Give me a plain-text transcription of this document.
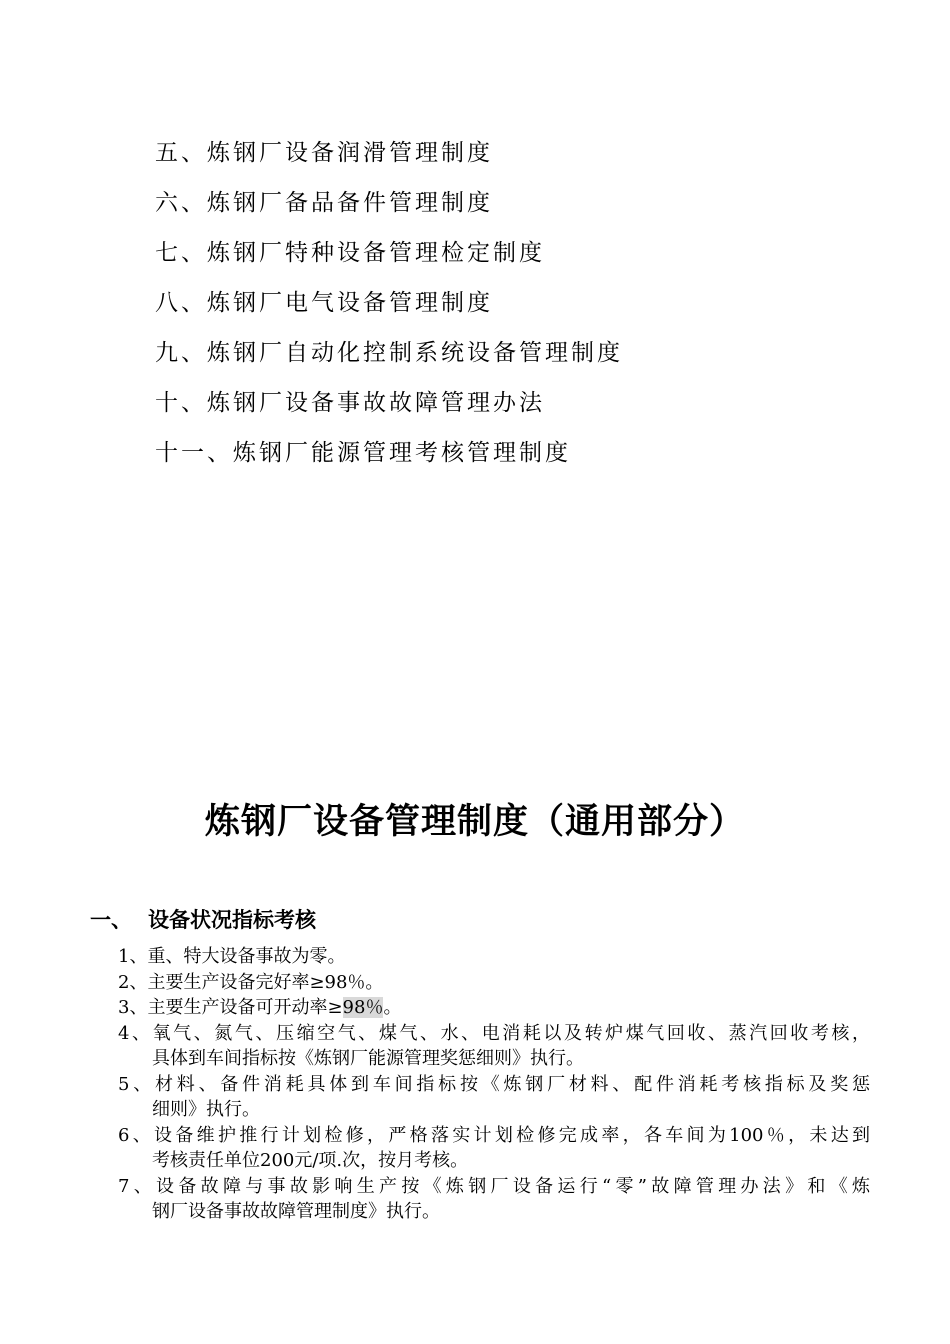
五、炼钢厂设备润滑管理制度
六、炼钢厂备品备件管理制度
七、炼钢厂特种设备管理检定制度
八、炼钢厂电气设备管理制度
九、炼钢厂自动化控制系统设备管理制度
十、炼钢厂设备事故故障管理办法
十一、炼钢厂能源管理考核管理制度
炼钢厂设备管理制度（通用部分）
一、 设备状况指标考核
1、重、特大设备事故为零。
2、主要生产设备完好率≥98％。
3、主要生产设备可开动率≥98％。
4、氧气、氮气、压缩空气、煤气、水、电消耗以及转炉煤气回收、蒸汽回收考核，
具体到车间指标按《炼钢厂能源管理奖惩细则》执行。
5、材料、备件消耗具体到车间指标按《炼钢厂材料、配件消耗考核指标及奖惩
细则》执行。
6、设备维护推行计划检修，严格落实计划检修完成率，各车间为100％，未达到
考核责任单位200元/项.次，按月考核。
7、设备故障与事故影响生产按《炼钢厂设备运行“零”故障管理办法》和《炼
钢厂设备事故故障管理制度》执行。
